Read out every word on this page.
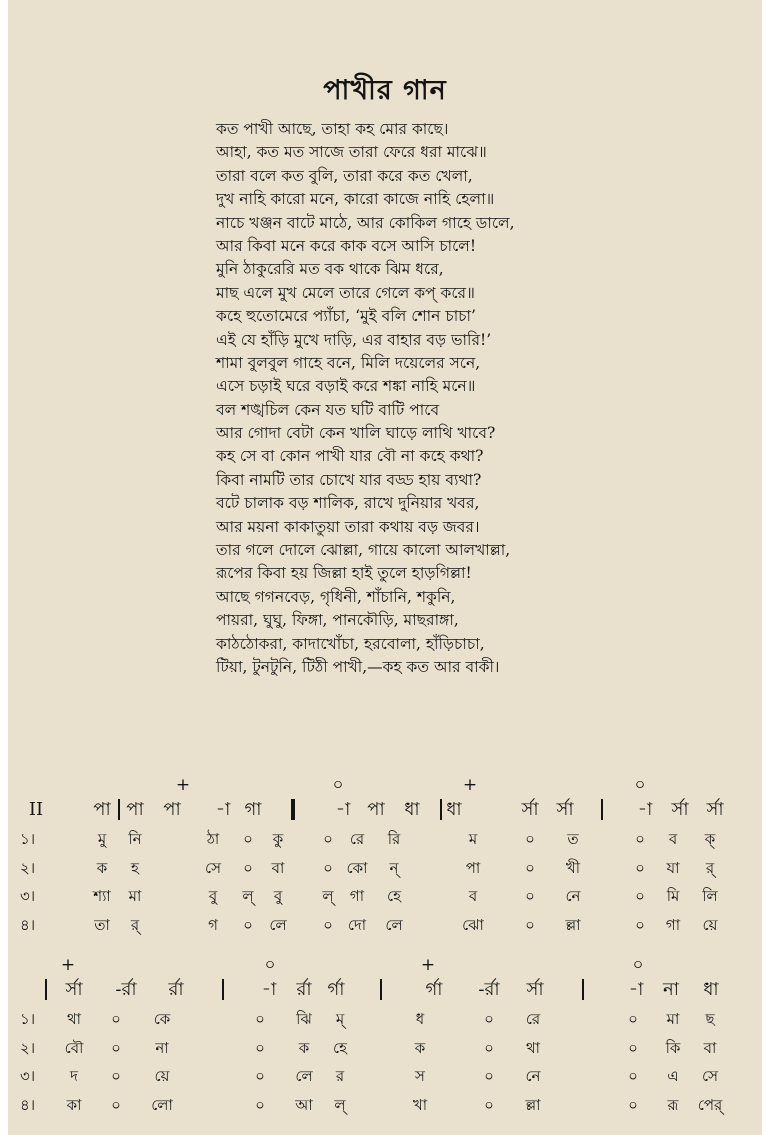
পাখীর গান
কত পাখী আছে, তাহা কহ মোর কাছে।
আহা, কত মত সাজে তারা ফেরে ধরা মাঝে॥
তারা বলে কত বুলি, তারা করে কত খেলা,
দুখ নাহি কারো মনে, কারো কাজে নাহি হেলা॥
নাচে খঞ্জন বাটে মাঠে, আর কোকিল গাহে ডালে,
আর কিবা মনে করে কাক বসে আসি চালে!
মুনি ঠাকুরেরি মত বক থাকে ঝিম ধরে,
মাছ এলে মুখ মেলে তারে গেলে কপ্‌ করে॥
কহে হুতোমেরে প্যাঁচা, ‘মুই বলি শোন চাচা’
এই যে হাঁড়ি মুখে দাড়ি, এর বাহার বড় ভারি!’
শামা বুলবুল গাহে বনে, মিলি দয়েলের সনে,
এসে চড়াই ঘরে বড়াই করে শঙ্কা নাহি মনে॥
বল শঙ্খচিল কেন যত ঘটি বাটি পাবে
আর গোদা বেটা কেন খালি ঘাড়ে লাথি খাবে?
কহ সে বা কোন পাখী যার বৌ না কহে কথা?
কিবা নামটি তার চোখে যার বড্ড হায় ব্যথা?
বটে চালাক বড় শালিক, রাখে দুনিয়ার খবর,
আর ময়না কাকাতুয়া তারা কথায় বড় জবর।
তার গলে দোলে ঝোল্লা, গায়ে কালো আলখাল্লা,
রূপের কিবা হয় জিল্লা হাই তুলে হাড়গিল্লা!
আছে গগনবেড়, গৃধিনী, শাঁচানি, শকুনি,
পায়রা, ঘুঘু, ফিঙ্গা, পানকৌড়ি, মাছরাঙ্গা,
কাঠঠোকরা, কাদাখোঁচা, হরবোলা, হাঁড়িচাচা,
টিয়া, টুনটুনি, টিঠী পাখী,—কহ কত আর বাকী।
+	০	+	০
II	পা পা পা -া গা	-া পা ধা ধা	র্সা র্সা	-া র্সা র্সা
১।	মু নি	ঠা ০ কু	০ রে রি	ম	০ ত	০ ব ক্‌
২।	ক হ	সে ০ বা	০ কো ন্‌	পা	০ খী	০ যা র্‌
৩।	শ্যা মা	বু ল্‌ বু	ল্‌ গা হে	ব	০ নে	০ মি লি
৪।	তা র্‌	গ ০ লে ০ দো লে	ঝো	০ ল্লা	০ গা য়ে
+	০	+	০
র্সা -র্রা র্রা	-া র্রা র্গা	র্গা -র্রা র্সা	-া না ধা
১। থা ০ কে	০ ঝি ম্‌	ধ	০ রে	০ মা ছ
২। বৌ ০ না	০ ক হে	ক	০ থা	০ কি বা
৩। দ ০ য়ে	০ লে র	স	০ নে	০ এ সে
৪। কা ০ লো	০ আ ল্‌	খা	০ ল্লা	০ রূ পের্‌
